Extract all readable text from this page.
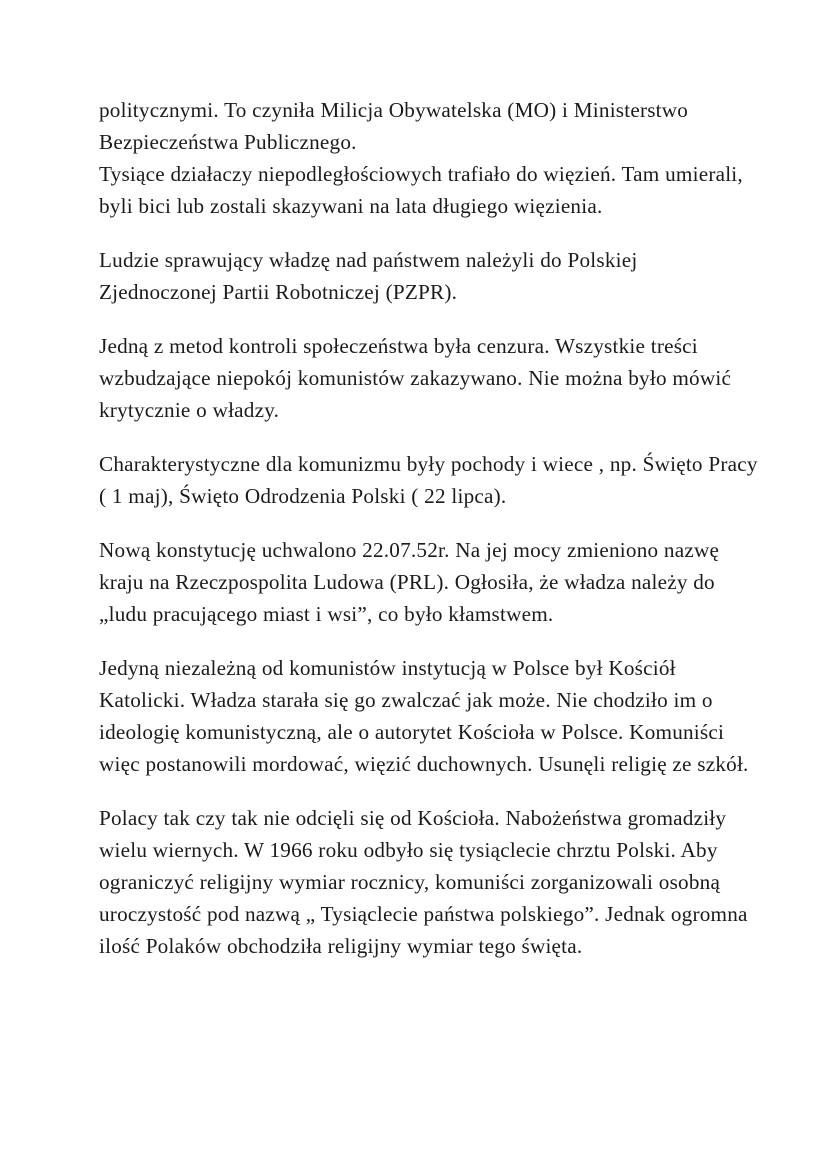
politycznymi. To czyniła Milicja Obywatelska (MO) i Ministerstwo Bezpieczeństwa Publicznego.
Tysiące działaczy niepodległościowych trafiało do więzień. Tam umierali, byli bici lub zostali skazywani na lata długiego więzienia.

Ludzie sprawujący władzę nad państwem należyli do Polskiej Zjednoczonej Partii Robotniczej (PZPR).

Jedną z metod kontroli społeczeństwa była cenzura. Wszystkie treści wzbudzające niepokój komunistów zakazywano. Nie można było mówić krytycznie o władzy.

Charakterystyczne dla komunizmu były pochody i wiece , np. Święto Pracy ( 1 maj), Święto Odrodzenia Polski ( 22 lipca).

Nową konstytucję uchwalono 22.07.52r. Na jej mocy zmieniono nazwę kraju na Rzeczpospolita Ludowa (PRL). Ogłosiła, że władza należy do „ludu pracującego miast i wsi”, co było kłamstwem.

Jedyną niezależną od komunistów instytucją w Polsce był Kościół Katolicki. Władza starała się go zwalczać jak może. Nie chodziło im o ideologię komunistyczną, ale o autorytet Kościoła w Polsce. Komuniści więc postanowili mordować, więzić duchownych. Usunęli religię ze szkół.

Polacy tak czy tak nie odcięli się od Kościoła. Nabożeństwa gromadziły wielu wiernych. W 1966 roku odbyło się tysiąclecie chrztu Polski. Aby ograniczyć religijny wymiar rocznicy, komuniści zorganizowali osobną uroczystość pod nazwą „ Tysiąclecie państwa polskiego”. Jednak ogromna ilość Polaków obchodziła religijny wymiar tego święta.
